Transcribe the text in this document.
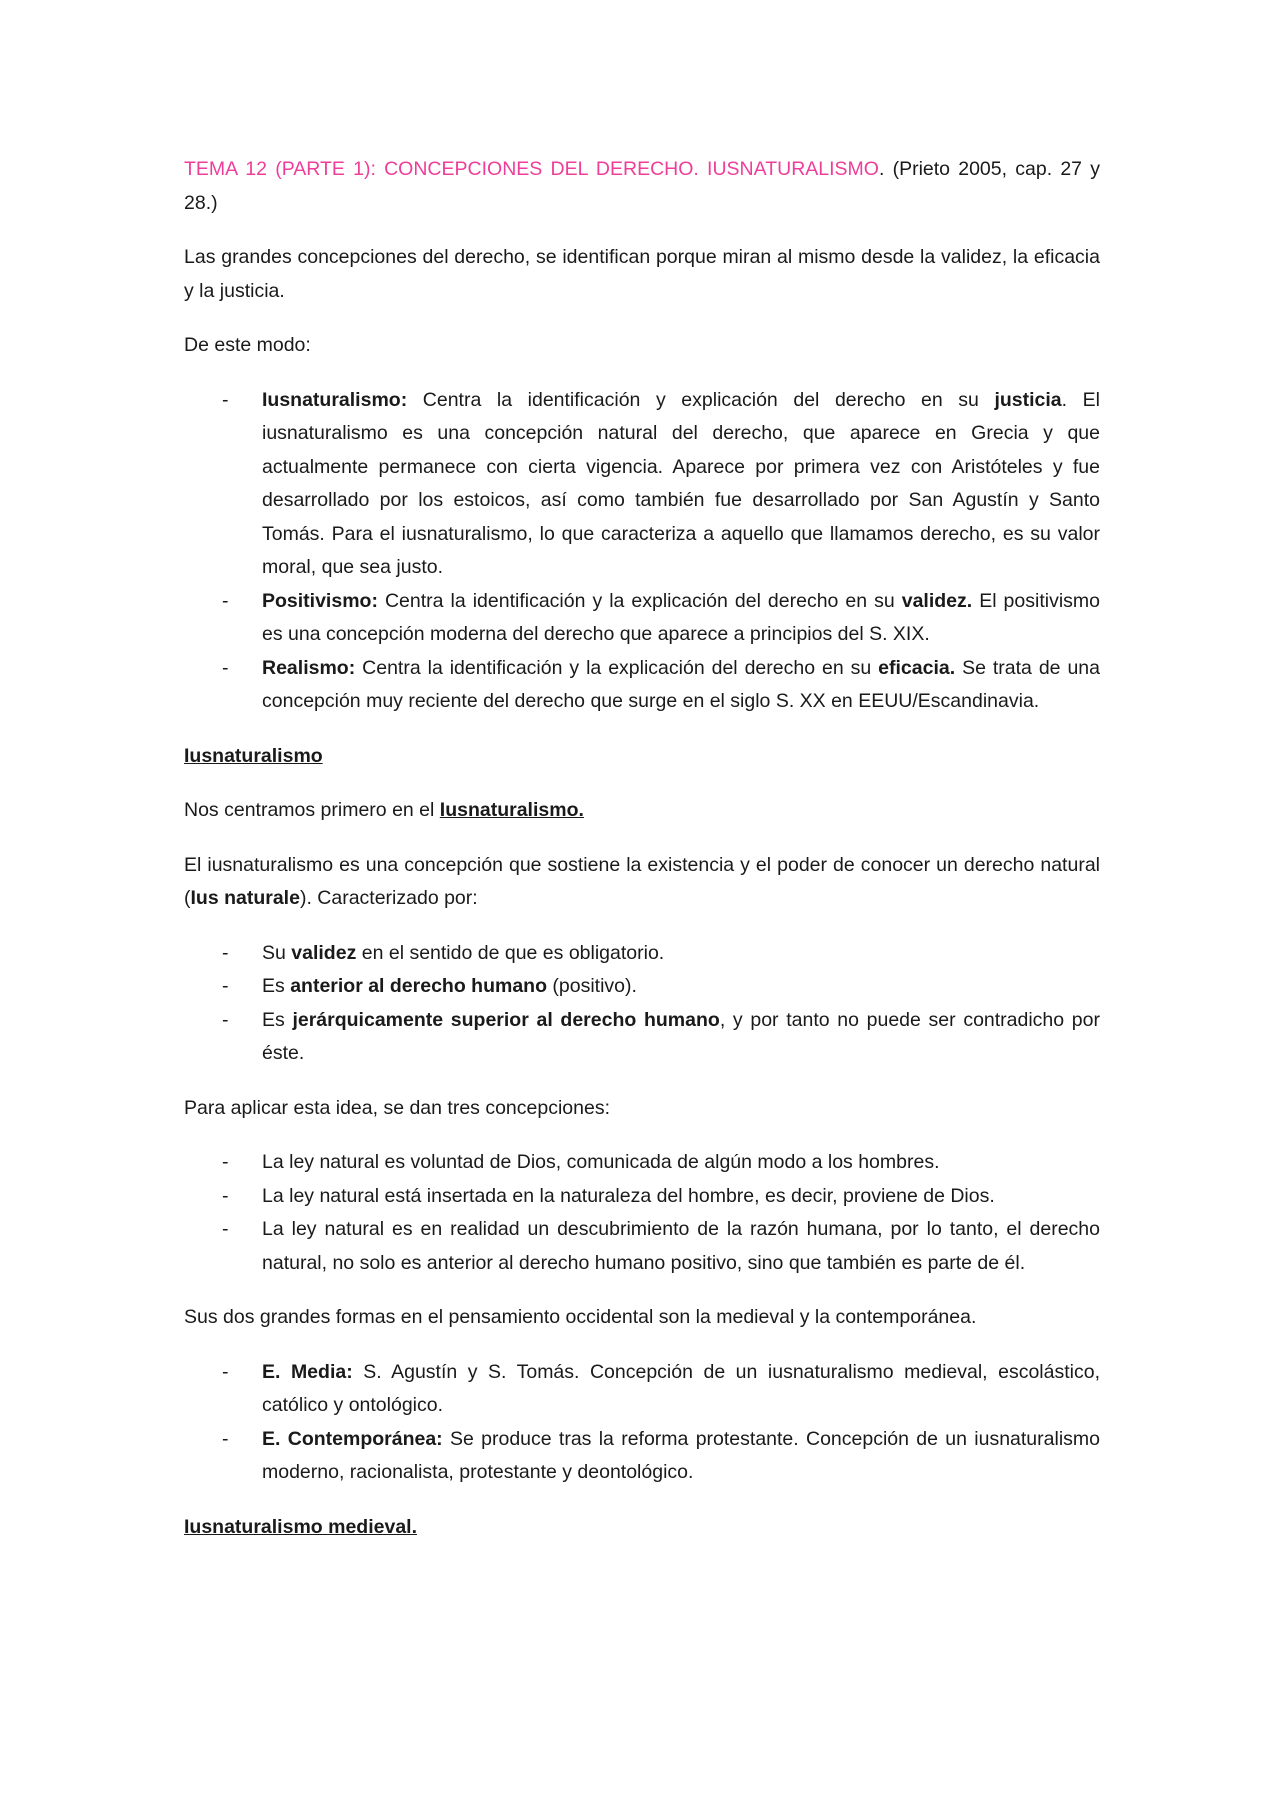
TEMA 12 (PARTE 1): CONCEPCIONES DEL DERECHO. IUSNATURALISMO. (Prieto 2005, cap. 27 y 28.)

Las grandes concepciones del derecho, se identifican porque miran al mismo desde la validez, la eficacia y la justicia.

De este modo:

- Iusnaturalismo: Centra la identificación y explicación del derecho en su justicia. El iusnaturalismo es una concepción natural del derecho, que aparece en Grecia y que actualmente permanece con cierta vigencia. Aparece por primera vez con Aristóteles y fue desarrollado por los estoicos, así como también fue desarrollado por San Agustín y Santo Tomás. Para el iusnaturalismo, lo que caracteriza a aquello que llamamos derecho, es su valor moral, que sea justo.
- Positivismo: Centra la identificación y la explicación del derecho en su validez. El positivismo es una concepción moderna del derecho que aparece a principios del S. XIX.
- Realismo: Centra la identificación y la explicación del derecho en su eficacia. Se trata de una concepción muy reciente del derecho que surge en el siglo S. XX en EEUU/Escandinavia.

Iusnaturalismo

Nos centramos primero en el Iusnaturalismo.

El iusnaturalismo es una concepción que sostiene la existencia y el poder de conocer un derecho natural (Ius naturale). Caracterizado por:

- Su validez en el sentido de que es obligatorio.
- Es anterior al derecho humano (positivo).
- Es jerárquicamente superior al derecho humano, y por tanto no puede ser contradicho por éste.

Para aplicar esta idea, se dan tres concepciones:

- La ley natural es voluntad de Dios, comunicada de algún modo a los hombres.
- La ley natural está insertada en la naturaleza del hombre, es decir, proviene de Dios.
- La ley natural es en realidad un descubrimiento de la razón humana, por lo tanto, el derecho natural, no solo es anterior al derecho humano positivo, sino que también es parte de él.

Sus dos grandes formas en el pensamiento occidental son la medieval y la contemporánea.

- E. Media: S. Agustín y S. Tomás. Concepción de un iusnaturalismo medieval, escolástico, católico y ontológico.
- E. Contemporánea: Se produce tras la reforma protestante. Concepción de un iusnaturalismo moderno, racionalista, protestante y deontológico.

Iusnaturalismo medieval.
